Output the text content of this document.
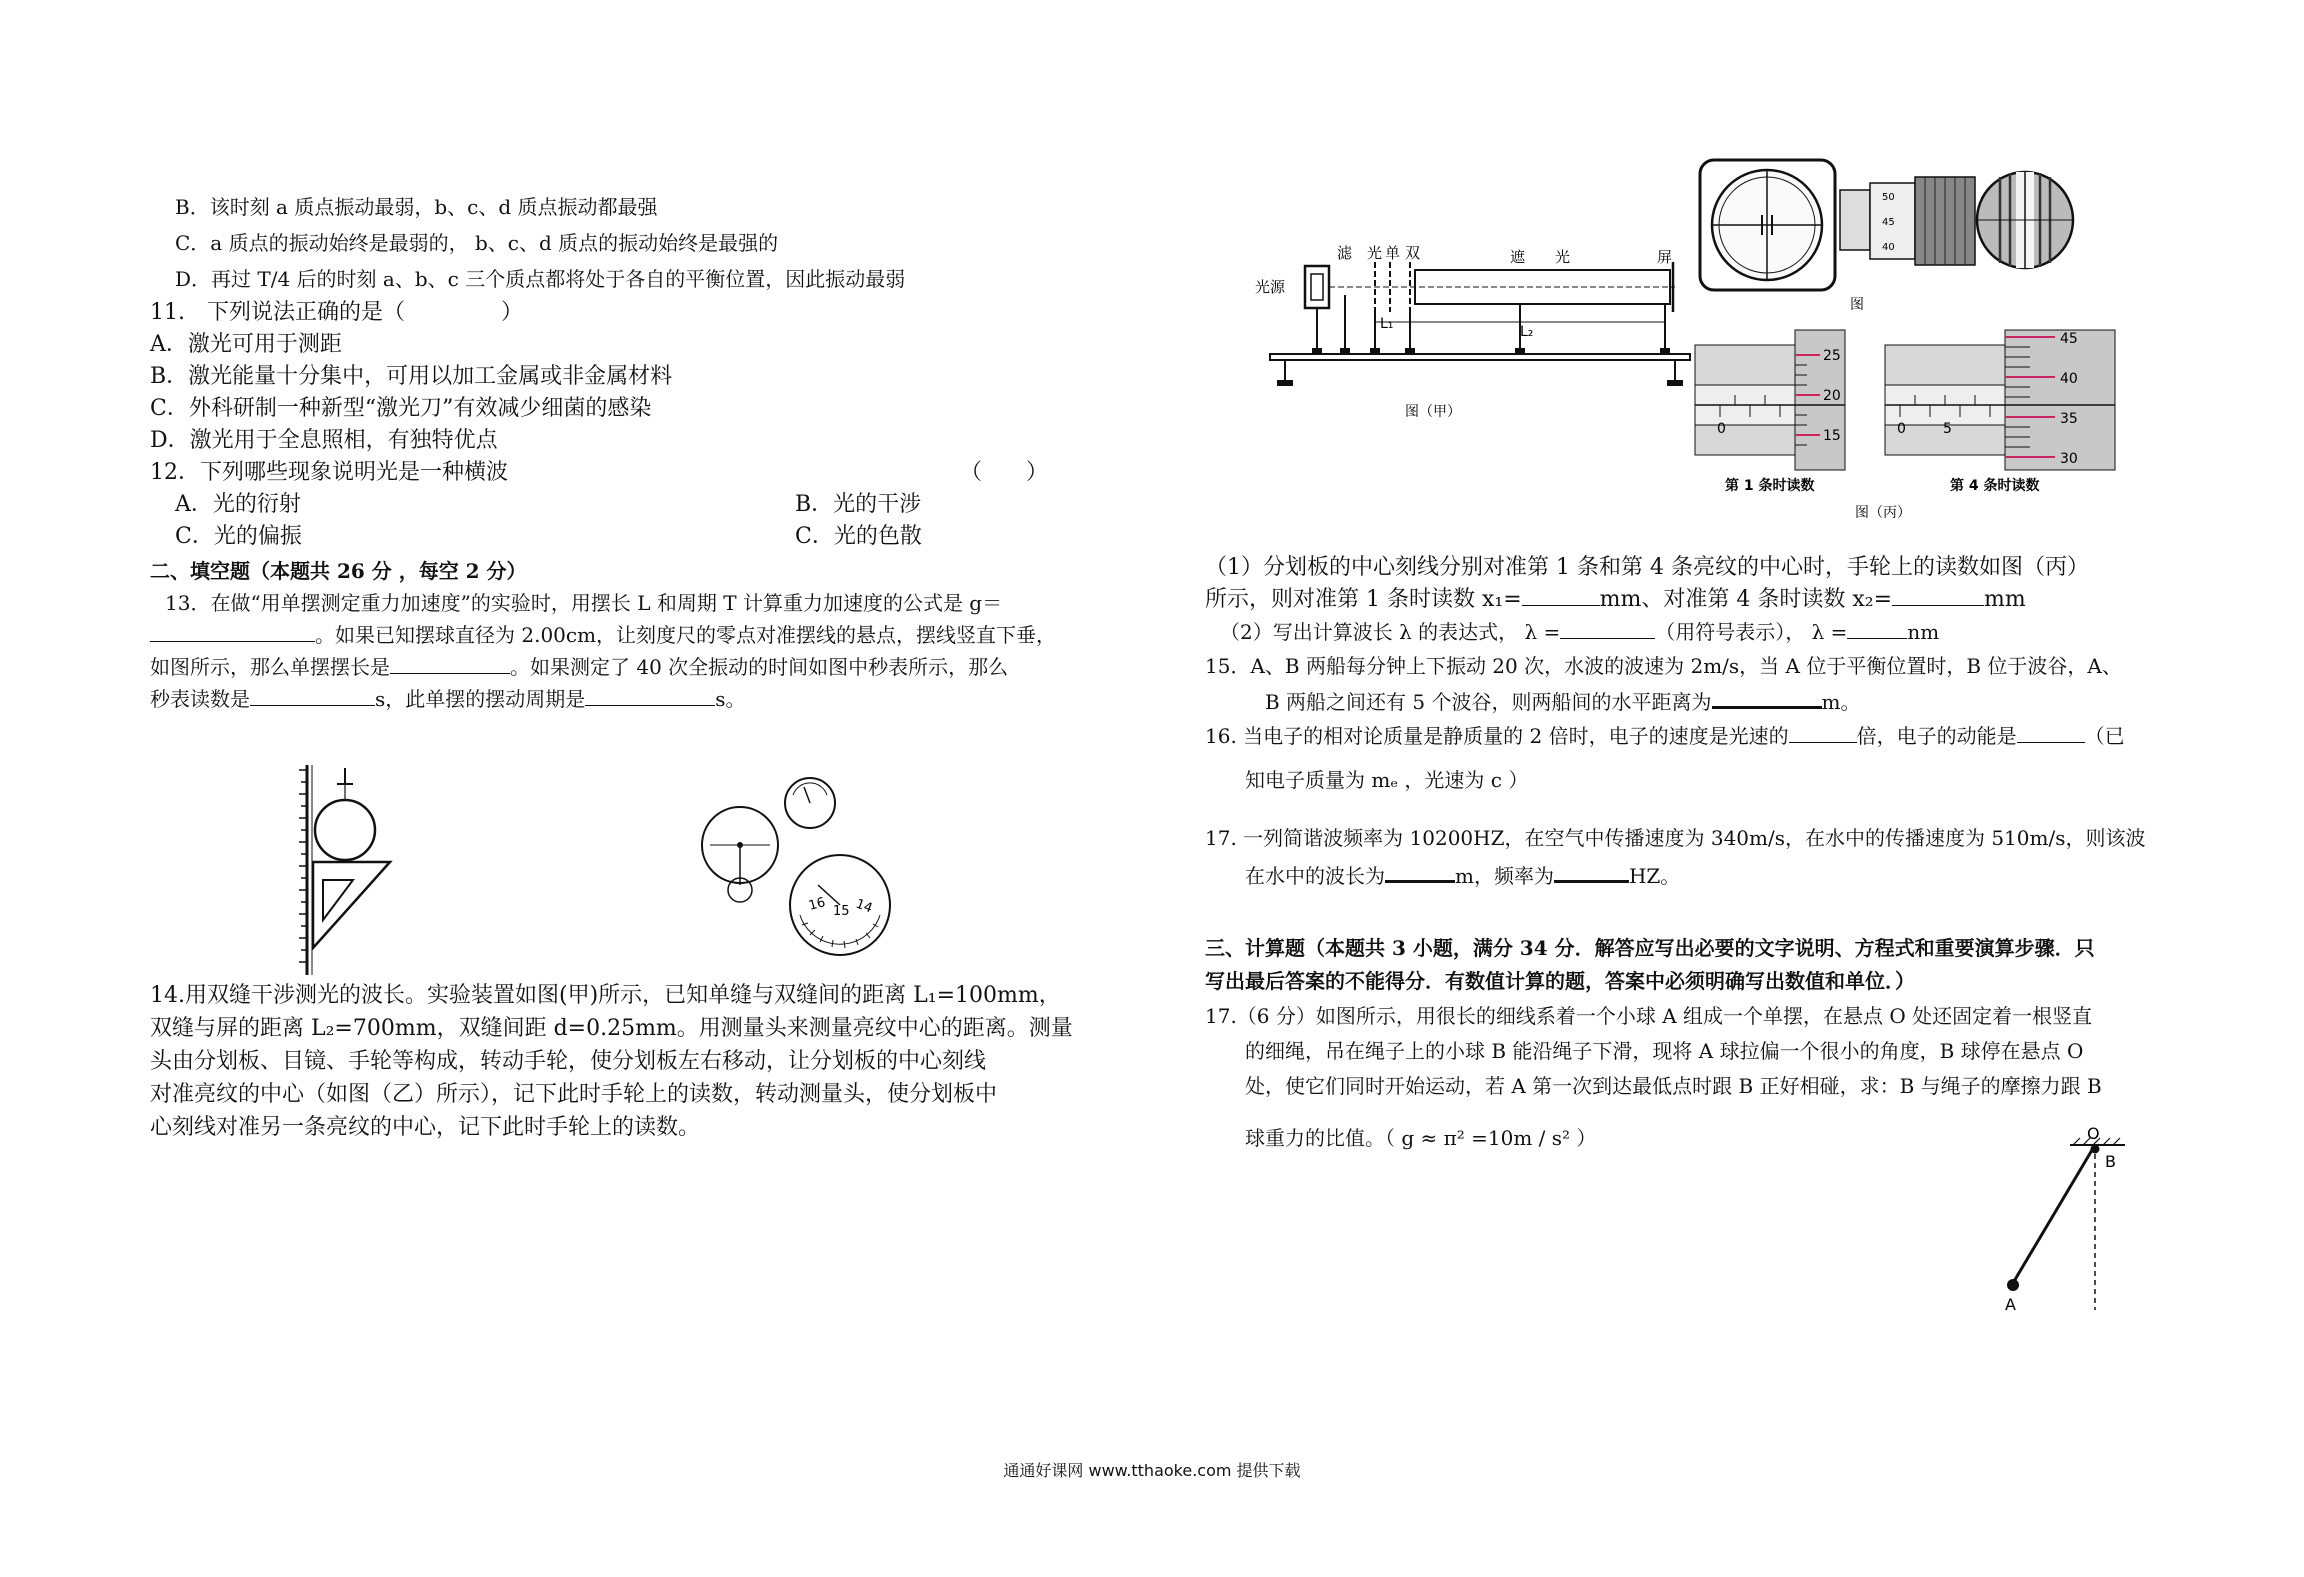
B．该时刻 a 质点振动最弱，b、c、d 质点振动都最强
C．a 质点的振动始终是最弱的， b、c、d 质点的振动始终是最强的
D．再过 T/4 后的时刻 a、b、c 三个质点都将处于各自的平衡位置，因此振动最弱
11.　下列说法正确的是（	）
A．激光可用于测距
B．激光能量十分集中，可用以加工金属或非金属材料
C．外科研制一种新型“激光刀”有效减少细菌的感染
D．激光用于全息照相，有独特优点
12．下列哪些现象说明光是一种横波	（　　）
A．光的衍射	B．光的干涉
C．光的偏振	C．光的色散
二、填空题（本题共 26 分 ，每空 2 分）
13．在做“用单摆测定重力加速度”的实验时，用摆长 L 和周期 T 计算重力加速度的公式是 g＝
。如果已知摆球直径为 2.00cm，让刻度尺的零点对准摆线的悬点，摆线竖直下垂，
如图所示，那么单摆摆长是	。如果测定了 40 次全振动的时间如图中秒表所示，那么
秒表读数是	s，此单摆的摆动周期是	s。
16 15 14
14.用双缝干涉测光的波长。实验装置如图(甲)所示，已知单缝与双缝间的距离 L₁=100mm，
双缝与屏的距离 L₂=700mm，双缝间距 d=0.25mm。用测量头来测量亮纹中心的距离。测量
头由分划板、目镜、手轮等构成，转动手轮，使分划板左右移动，让分划板的中心刻线
对准亮纹的中心（如图（乙）所示），记下此时手轮上的读数，转动测量头，使分划板中
心刻线对准另一条亮纹的中心，记下此时手轮上的读数。
L₁	L₂
光源
滤 光 单 双	遮　　光	屏
图（甲）
50
45
40
图
25
20
15
0
第 1 条时读数
45
40
35
30
0	5
第 4 条时读数
图（丙）
（1）分划板的中心刻线分别对准第 1 条和第 4 条亮纹的中心时，手轮上的读数如图（丙）
所示，则对准第 1 条时读数 x₁=	mm、对准第 4 条时读数 x₂=	mm
（2）写出计算波长 λ 的表达式， λ =	（用符号表示）， λ =	nm
15．A、B 两船每分钟上下振动 20 次，水波的波速为 2m/s，当 A 位于平衡位置时，B 位于波谷，A、
B 两船之间还有 5 个波谷，则两船间的水平距离为	m。
16. 当电子的相对论质量是静质量的 2 倍时，电子的速度是光速的	倍，电子的动能是	（已
知电子质量为 mₑ ，光速为 c ）
17. 一列简谐波频率为 10200HZ，在空气中传播速度为 340m/s，在水中的传播速度为 510m/s，则该波
在水中的波长为	m，频率为	HZ。
三、计算题（本题共 3 小题，满分 34 分．解答应写出必要的文字说明、方程式和重要演算步骤．只
写出最后答案的不能得分．有数值计算的题，答案中必须明确写出数值和单位．）
17.（6 分）如图所示，用很长的细线系着一个小球 A 组成一个单摆，在悬点 O 处还固定着一根竖直
的细绳，吊在绳子上的小球 B 能沿绳子下滑，现将 A 球拉偏一个很小的角度，B 球停在悬点 O
处，使它们同时开始运动，若 A 第一次到达最低点时跟 B 正好相碰，求：B 与绳子的摩擦力跟 B
球重力的比值。（ g ≈ π² =10m / s² ）	O
B
A
通通好课网 www.tthaoke.com 提供下载
